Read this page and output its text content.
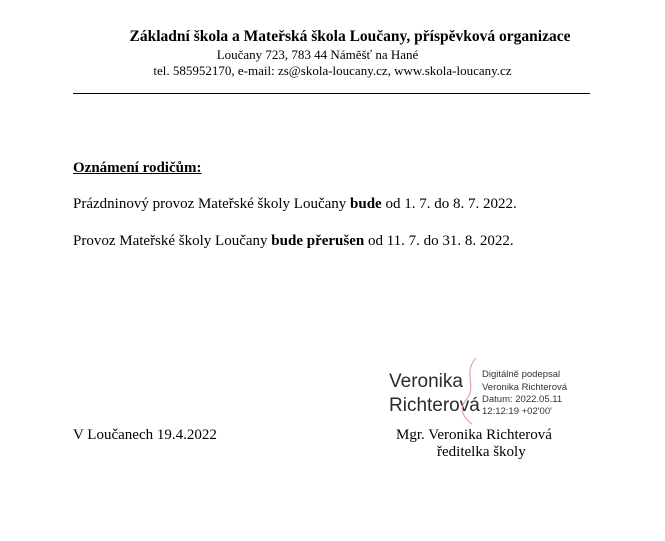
Základní škola a Mateřská škola Loučany, příspěvková organizace
Loučany 723, 783 44 Náměšť na Hané
tel. 585952170, e-mail: zs@skola-loucany.cz, www.skola-loucany.cz
Oznámení rodičům:
Prázdninový provoz Mateřské školy Loučany bude od 1. 7. do 8. 7. 2022.
Provoz Mateřské školy Loučany bude přerušen od 11. 7. do 31. 8. 2022.
Veronika
Richterová
Digitálně podepsal
Veronika Richterová
Datum: 2022.05.11
12:12:19 +02'00'
V Loučanech 19.4.2022	Mgr. Veronika Richterová
ředitelka školy
